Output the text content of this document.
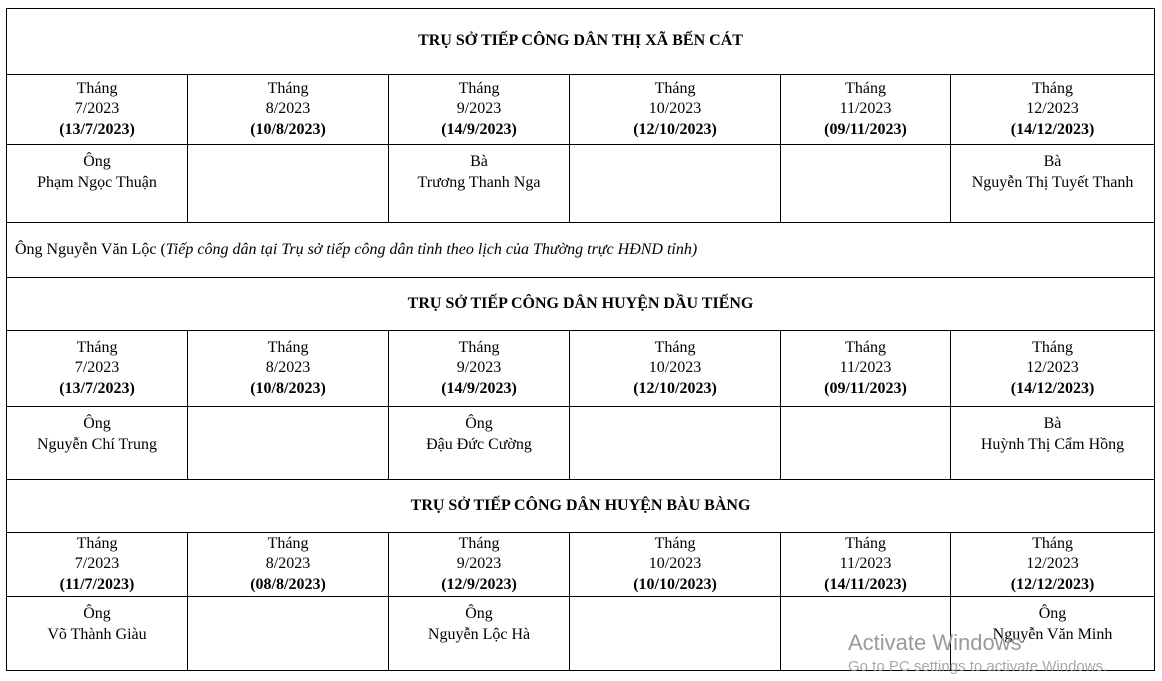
TRỤ SỞ TIẾP CÔNG DÂN THỊ XÃ BẾN CÁT					

Tháng
7/2023
(13/7/2023)	Tháng
8/2023
(10/8/2023)	Tháng
9/2023
(14/9/2023)	Tháng
10/2023
(12/10/2023)	Tháng
11/2023
(09/11/2023)	Tháng
12/2023
(14/12/2023)

Ông
Phạm Ngọc Thuận		Bà
Trương Thanh Nga			Bà
Nguyễn Thị Tuyết Thanh

Ông Nguyễn Văn Lộc (Tiếp công dân tại Trụ sở tiếp công dân tỉnh theo lịch của Thường trực HĐND tỉnh)					
TRỤ SỞ TIẾP CÔNG DÂN HUYỆN DẦU TIẾNG					

Tháng
7/2023
(13/7/2023)	Tháng
8/2023
(10/8/2023)	Tháng
9/2023
(14/9/2023)	Tháng
10/2023
(12/10/2023)	Tháng
11/2023
(09/11/2023)	Tháng
12/2023
(14/12/2023)

Ông
Nguyễn Chí Trung		Ông
Đậu Đức Cường			Bà
Huỳnh Thị Cẩm Hồng

TRỤ SỞ TIẾP CÔNG DÂN HUYỆN BÀU BÀNG					

Tháng
7/2023
(11/7/2023)	Tháng
8/2023
(08/8/2023)	Tháng
9/2023
(12/9/2023)	Tháng
10/2023
(10/10/2023)	Tháng
11/2023
(14/11/2023)	Tháng
12/2023
(12/12/2023)

Ông
Võ Thành Giàu		Ông
Nguyễn Lộc Hà			Ông
Nguyễn Văn Minh
Activate Windows
Go to PC settings to activate Windows.
